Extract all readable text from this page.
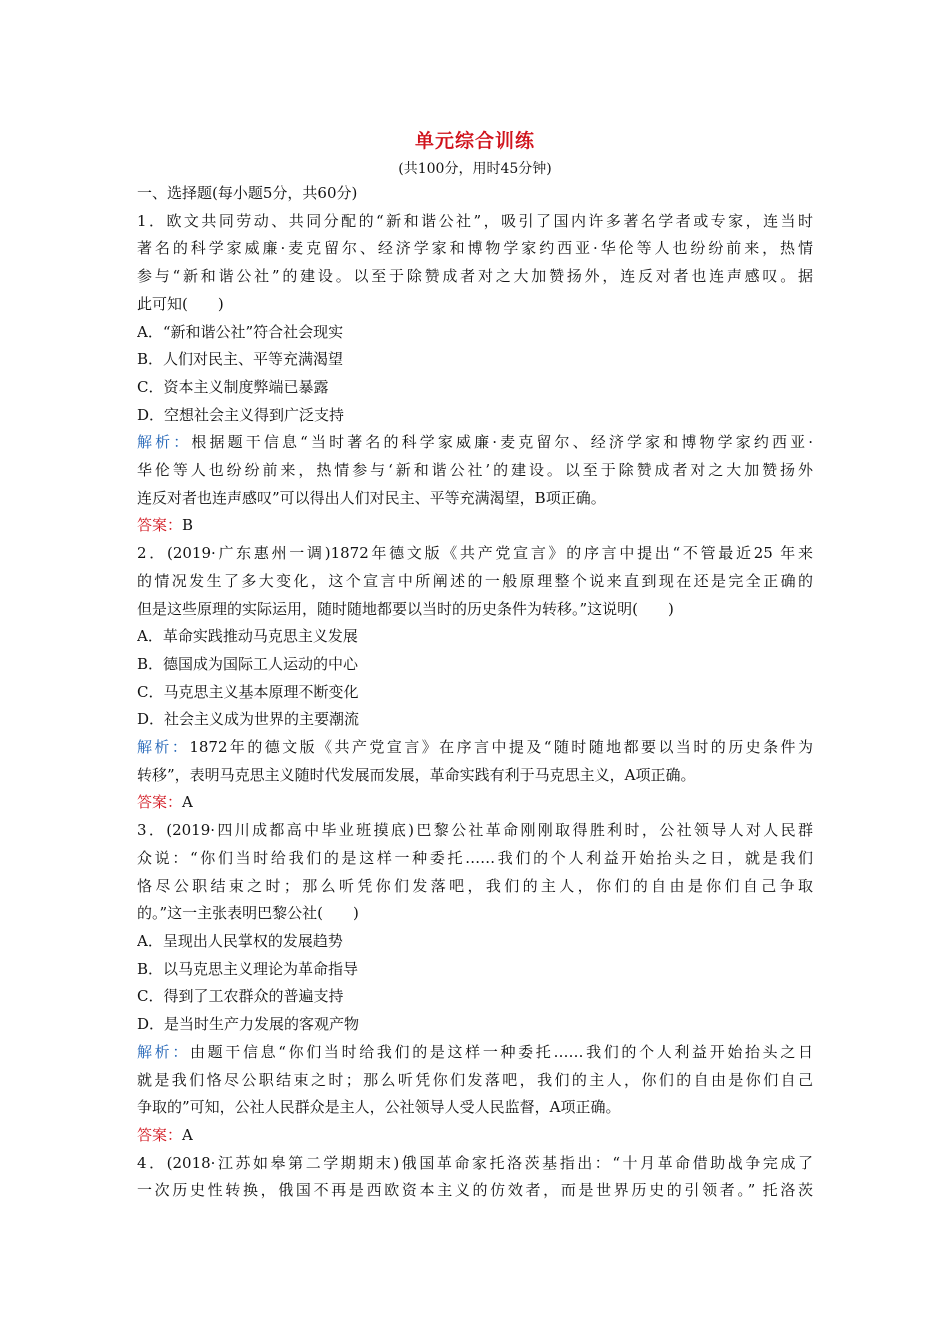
单元综合训练
(共100分，用时45分钟)
一、选择题(每小题5分，共60分)
1．欧文共同劳动、共同分配的“新和谐公社”，吸引了国内许多著名学者或专家，连当时
著名的科学家威廉·麦克留尔、经济学家和博物学家约西亚·华伦等人也纷纷前来，热情
参与“新和谐公社”的建设。以至于除赞成者对之大加赞扬外，连反对者也连声感叹。据
此可知(　　)
A．“新和谐公社”符合社会现实
B．人们对民主、平等充满渴望
C．资本主义制度弊端已暴露
D．空想社会主义得到广泛支持
解析：根据题干信息“当时著名的科学家威廉·麦克留尔、经济学家和博物学家约西亚·
华伦等人也纷纷前来，热情参与‘新和谐公社’的建设。以至于除赞成者对之大加赞扬外
连反对者也连声感叹”可以得出人们对民主、平等充满渴望，B项正确。
答案：B
2．(2019·广东惠州一调)1872年德文版《共产党宣言》的序言中提出“不管最近25 年来
的情况发生了多大变化，这个宣言中所阐述的一般原理整个说来直到现在还是完全正确的
但是这些原理的实际运用，随时随地都要以当时的历史条件为转移。”这说明(　　)
A．革命实践推动马克思主义发展
B．德国成为国际工人运动的中心
C．马克思主义基本原理不断变化
D．社会主义成为世界的主要潮流
解析：1872年的德文版《共产党宣言》在序言中提及“随时随地都要以当时的历史条件为
转移”，表明马克思主义随时代发展而发展，革命实践有利于马克思主义，A项正确。
答案：A
3．(2019·四川成都高中毕业班摸底)巴黎公社革命刚刚取得胜利时，公社领导人对人民群
众说：“你们当时给我们的是这样一种委托……我们的个人利益开始抬头之日，就是我们
恪尽公职结束之时；那么听凭你们发落吧，我们的主人，你们的自由是你们自己争取
的。”这一主张表明巴黎公社(　　)
A．呈现出人民掌权的发展趋势
B．以马克思主义理论为革命指导
C．得到了工农群众的普遍支持
D．是当时生产力发展的客观产物
解析：由题干信息“你们当时给我们的是这样一种委托……我们的个人利益开始抬头之日
就是我们恪尽公职结束之时；那么听凭你们发落吧，我们的主人，你们的自由是你们自己
争取的”可知，公社人民群众是主人，公社领导人受人民监督，A项正确。
答案：A
4．(2018·江苏如皋第二学期期末)俄国革命家托洛茨基指出：“十月革命借助战争完成了
一次历史性转换，俄国不再是西欧资本主义的仿效者，而是世界历史的引领者。” 托洛茨
